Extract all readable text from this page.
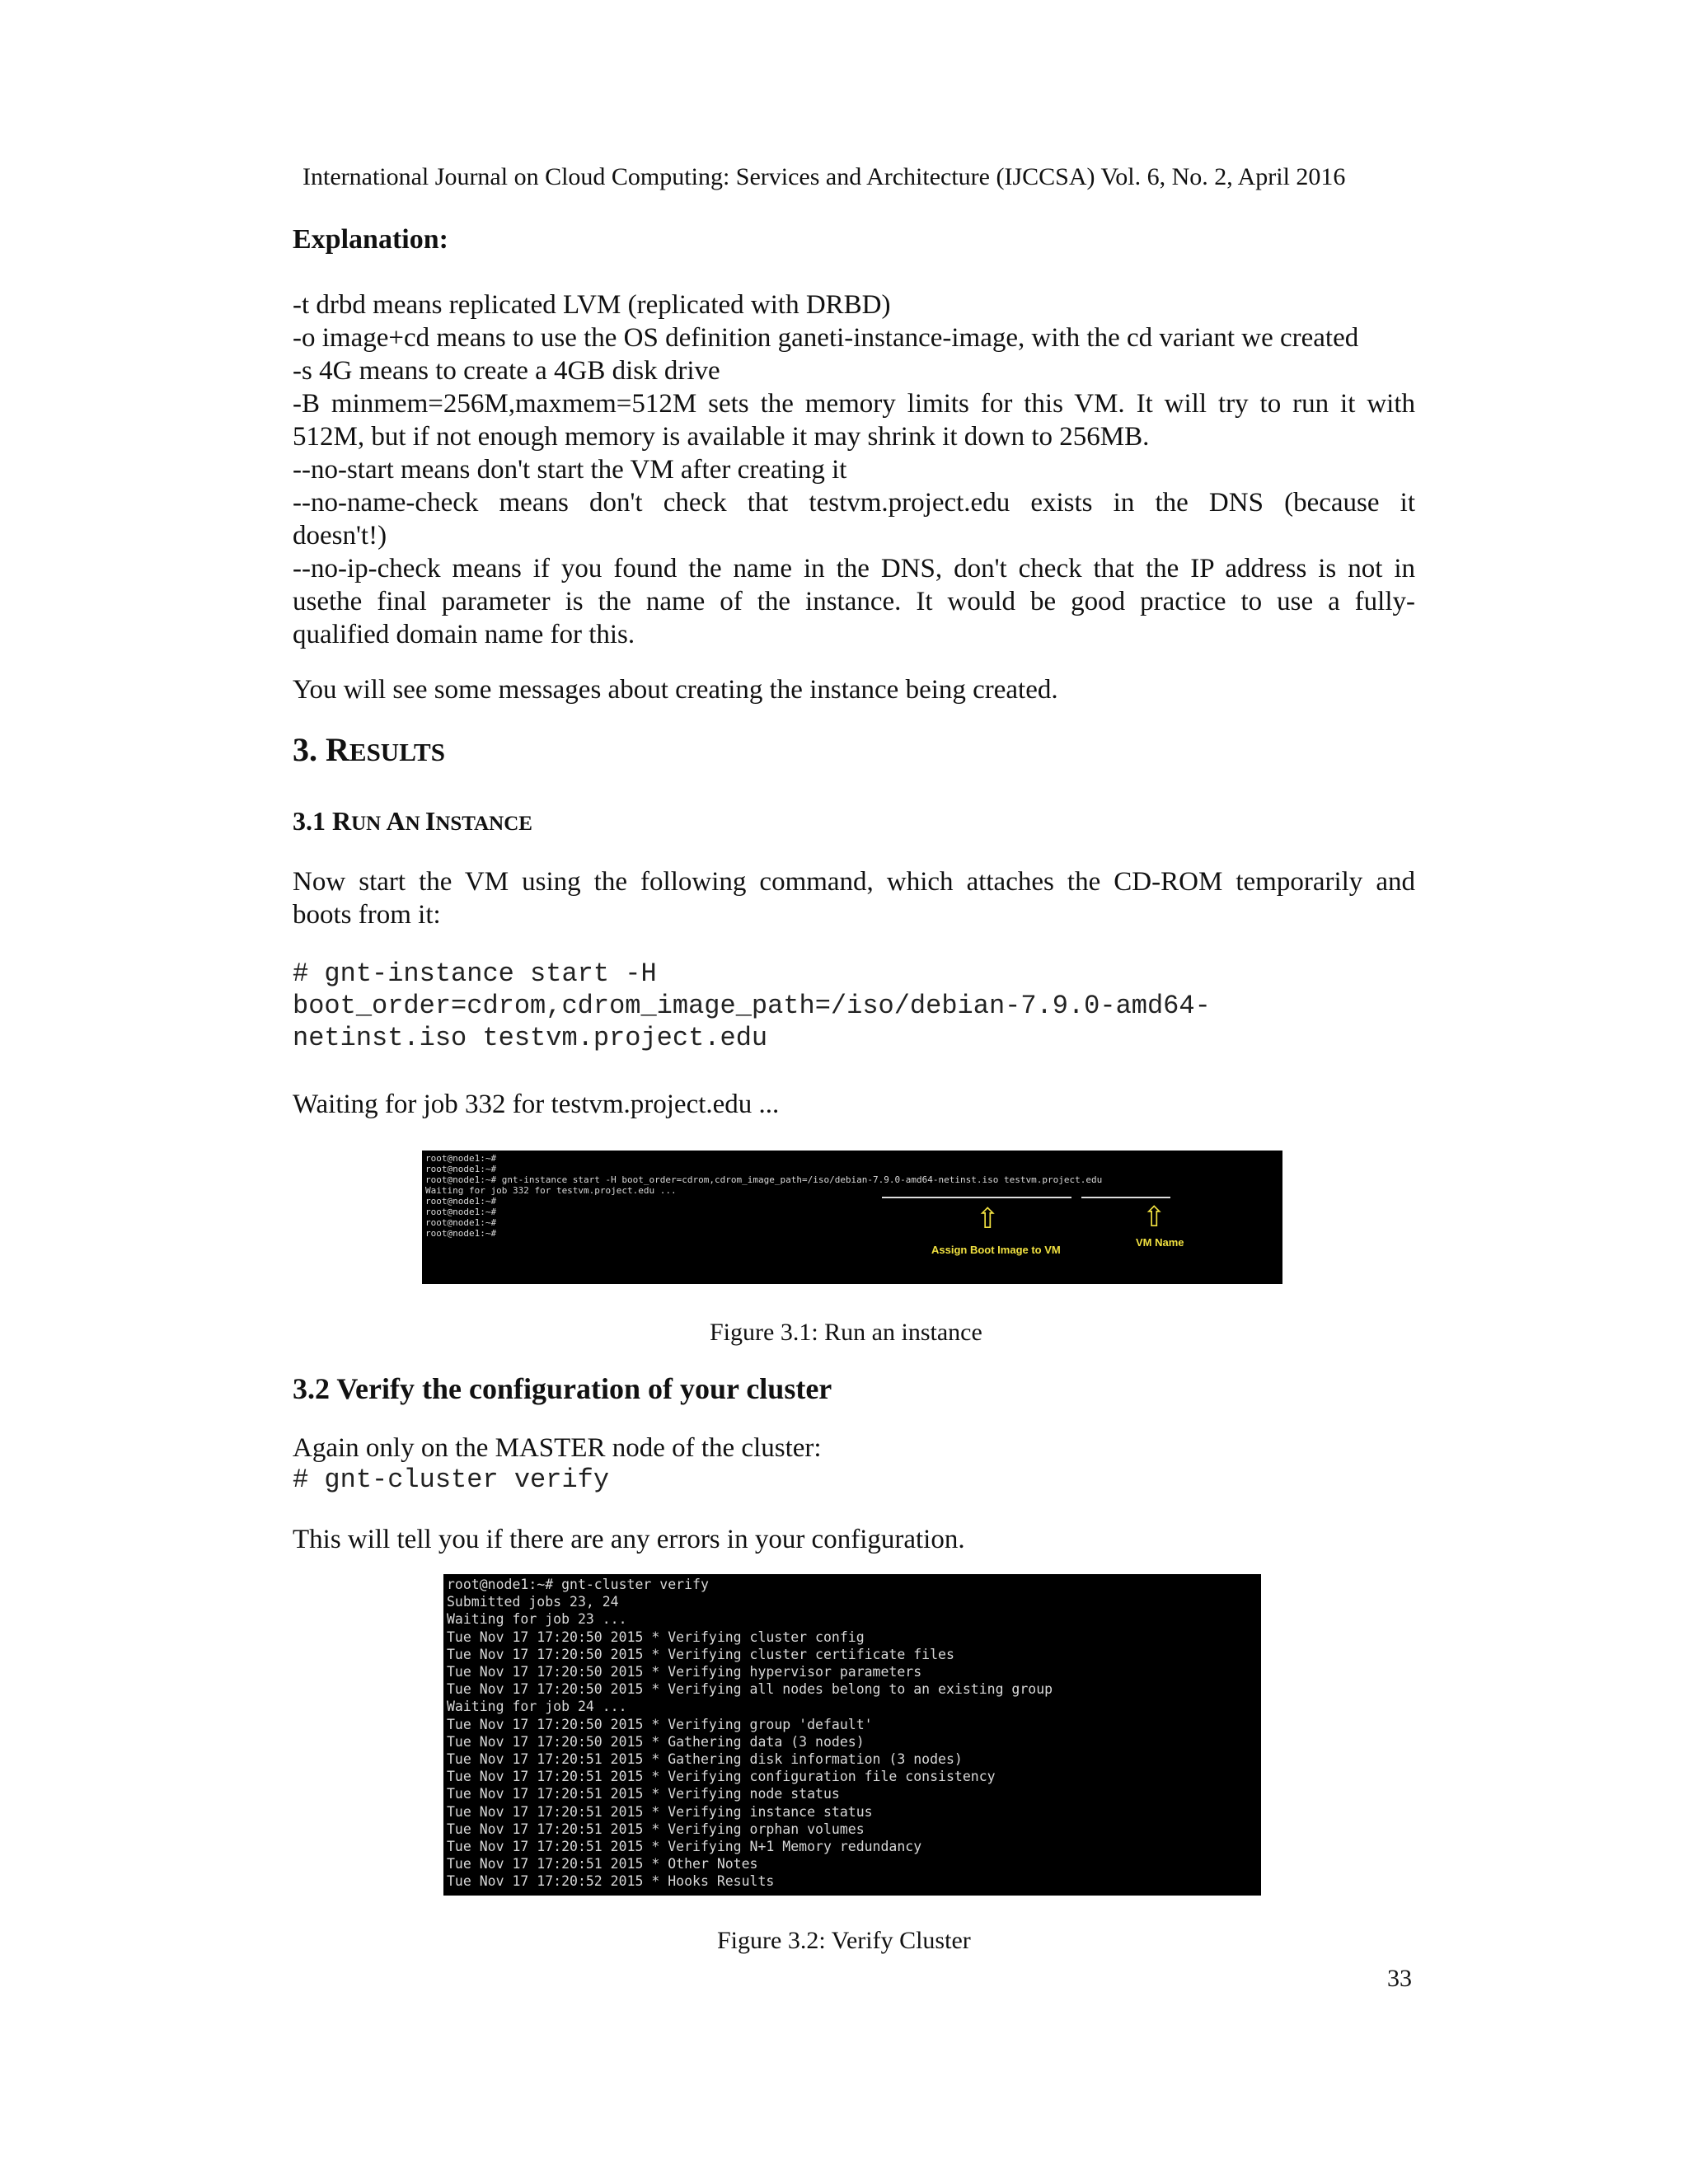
International Journal on Cloud Computing: Services and Architecture (IJCCSA) Vol. 6, No. 2, April 2016
Explanation:
-t drbd means replicated LVM (replicated with DRBD)
-o image+cd means to use the OS definition ganeti-instance-image, with the cd variant we created
-s 4G means to create a 4GB disk drive
-B minmem=256M,maxmem=512M sets the memory limits for this VM. It will try to run it with
512M, but if not enough memory is available it may shrink it down to 256MB.
--no-start means don't start the VM after creating it
--no-name-check means don't check that testvm.project.edu exists in the DNS (because it
doesn't!)
--no-ip-check means if you found the name in the DNS, don't check that the IP address is not in
usethe final parameter is the name of the instance. It would be good practice to use a fully-
qualified domain name for this.
You will see some messages about creating the instance being created.
3. RESULTS
3.1 RUN AN INSTANCE
Now start the VM using the following command, which attaches the CD-ROM temporarily and
boots from it:
# gnt-instance start -H
boot_order=cdrom,cdrom_image_path=/iso/debian-7.9.0-amd64-
netinst.iso testvm.project.edu
Waiting for job 332 for testvm.project.edu ...
root@node1:~#
root@node1:~#
root@node1:~# gnt-instance start -H boot_order=cdrom,cdrom_image_path=/iso/debian-7.9.0-amd64-netinst.iso testvm.project.edu
Waiting for job 332 for testvm.project.edu ...
root@node1:~#
root@node1:~#
root@node1:~#
root@node1:~#	⇧	⇧
Assign Boot Image to VM
VM Name
Figure 3.1: Run an instance
3.2 Verify the configuration of your cluster
Again only on the MASTER node of the cluster:
# gnt-cluster verify
This will tell you if there are any errors in your configuration.
root@node1:~# gnt-cluster verify
Submitted jobs 23, 24
Waiting for job 23 ...
Tue Nov 17 17:20:50 2015 * Verifying cluster config
Tue Nov 17 17:20:50 2015 * Verifying cluster certificate files
Tue Nov 17 17:20:50 2015 * Verifying hypervisor parameters
Tue Nov 17 17:20:50 2015 * Verifying all nodes belong to an existing group
Waiting for job 24 ...
Tue Nov 17 17:20:50 2015 * Verifying group 'default'
Tue Nov 17 17:20:50 2015 * Gathering data (3 nodes)
Tue Nov 17 17:20:51 2015 * Gathering disk information (3 nodes)
Tue Nov 17 17:20:51 2015 * Verifying configuration file consistency
Tue Nov 17 17:20:51 2015 * Verifying node status
Tue Nov 17 17:20:51 2015 * Verifying instance status
Tue Nov 17 17:20:51 2015 * Verifying orphan volumes
Tue Nov 17 17:20:51 2015 * Verifying N+1 Memory redundancy
Tue Nov 17 17:20:51 2015 * Other Notes
Tue Nov 17 17:20:52 2015 * Hooks Results
Figure 3.2: Verify Cluster
33
